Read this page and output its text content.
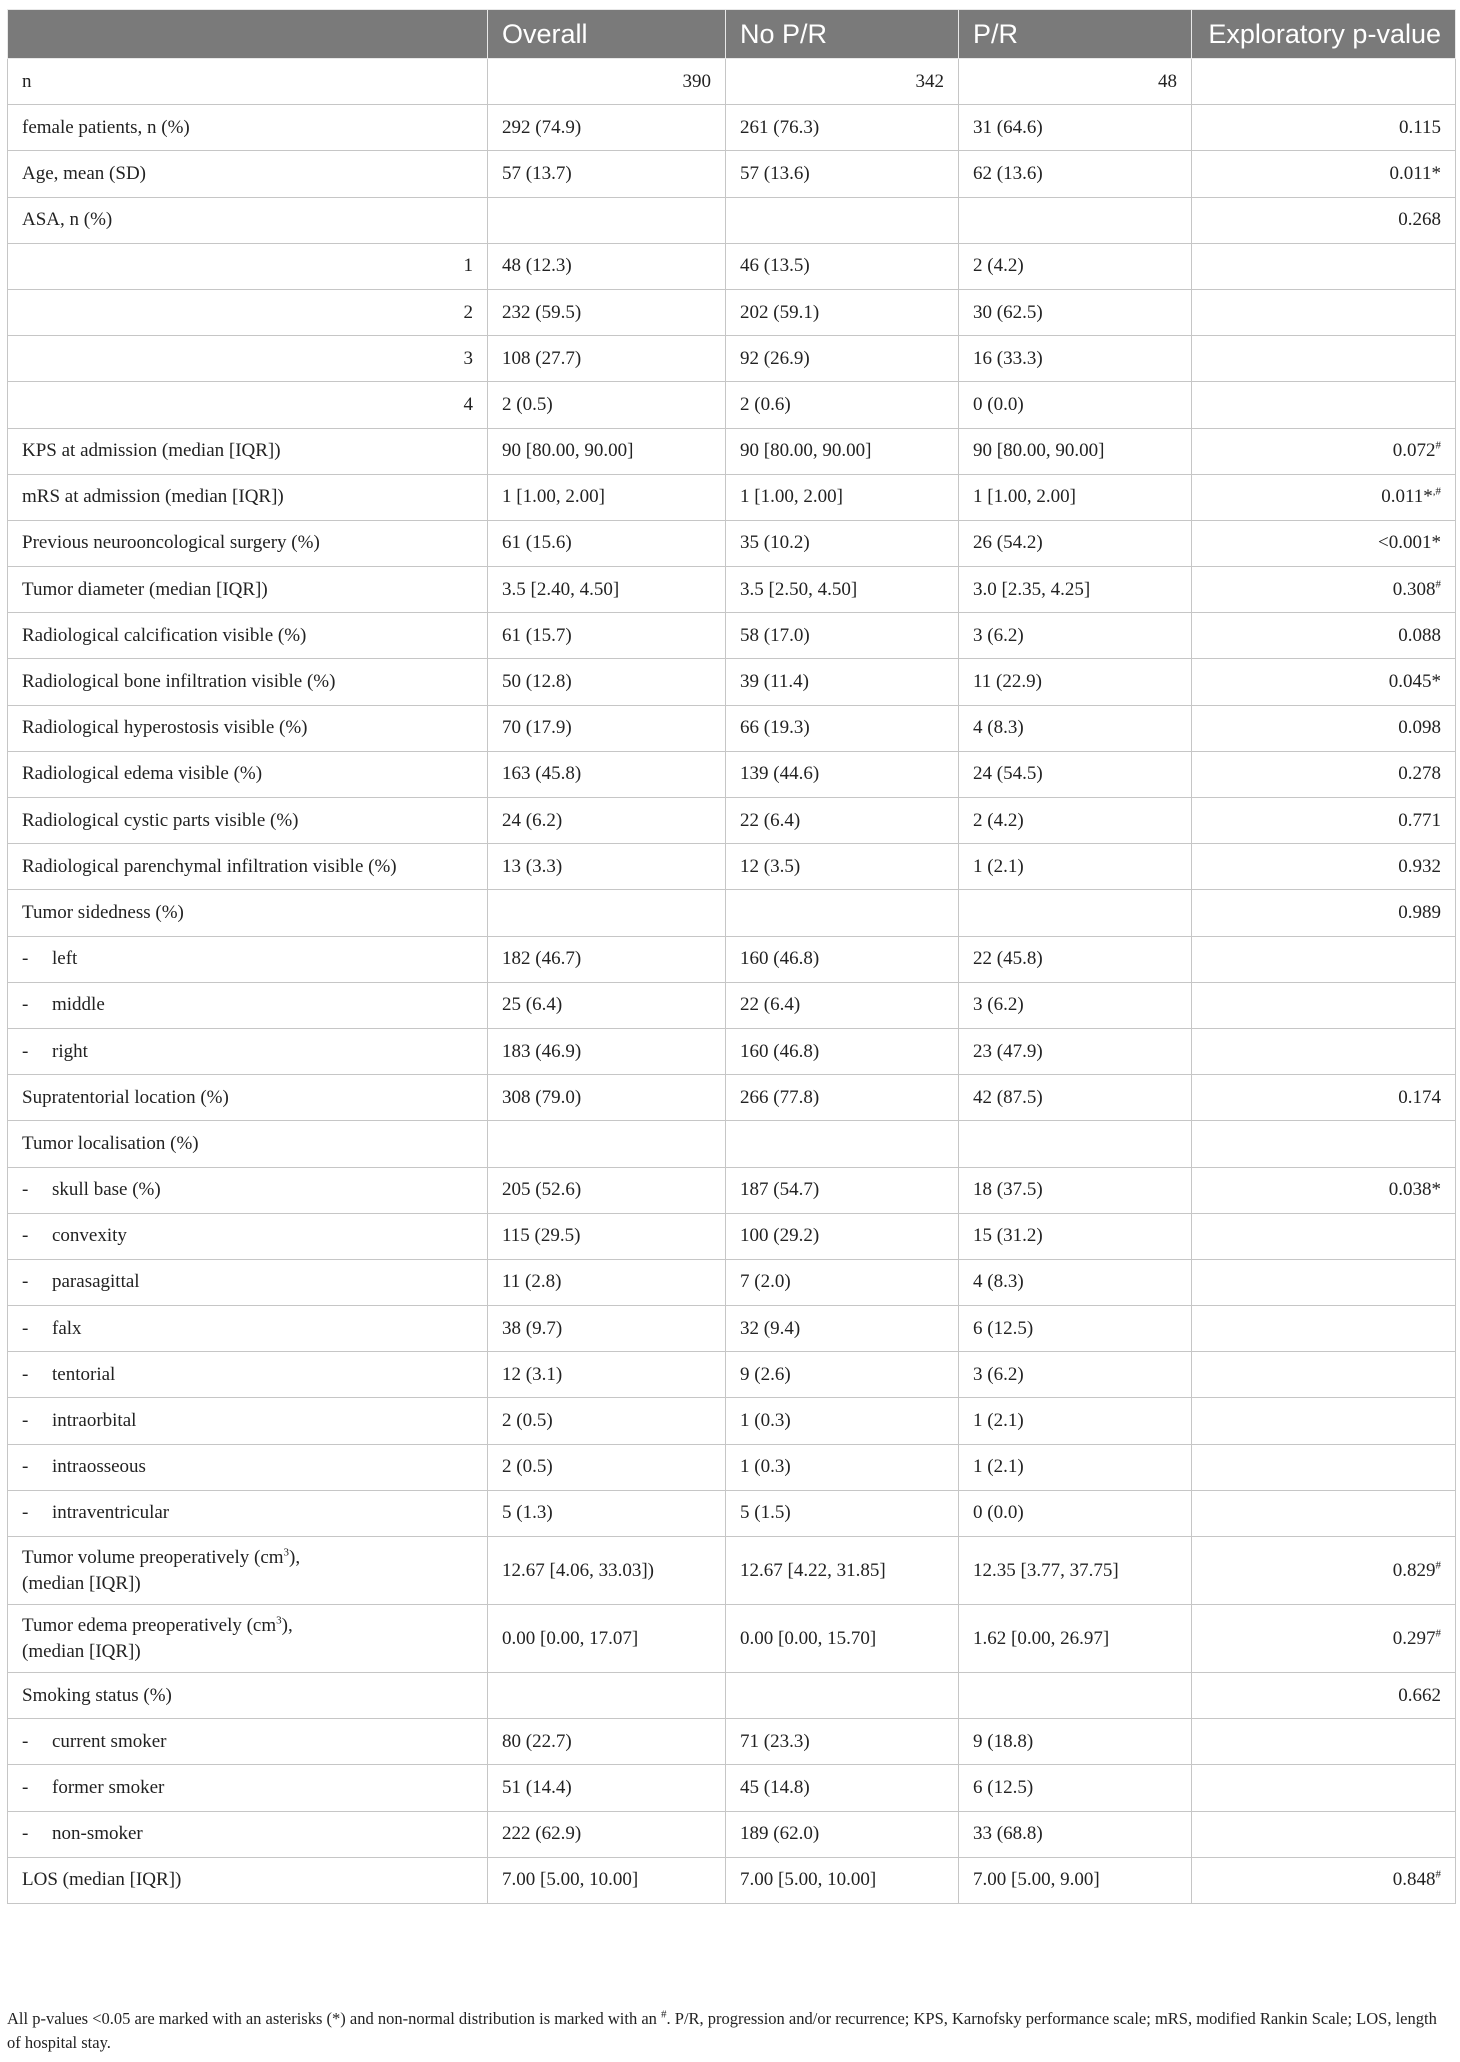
	Overall	No P/R	P/R	Exploratory p-value
n	390	342	48	
female patients, n (%)	292 (74.9)	261 (76.3)	31 (64.6)	0.115
Age, mean (SD)	57 (13.7)	57 (13.6)	62 (13.6)	0.011*
ASA, n (%)				0.268
1	48 (12.3)	46 (13.5)	2 (4.2)	
2	232 (59.5)	202 (59.1)	30 (62.5)	
3	108 (27.7)	92 (26.9)	16 (33.3)	
4	2 (0.5)	2 (0.6)	0 (0.0)	
KPS at admission (median [IQR])	90 [80.00, 90.00]	90 [80.00, 90.00]	90 [80.00, 90.00]	0.072#
mRS at admission (median [IQR])	1 [1.00, 2.00]	1 [1.00, 2.00]	1 [1.00, 2.00]	0.011*,#
Previous neurooncological surgery (%)	61 (15.6)	35 (10.2)	26 (54.2)	<0.001*
Tumor diameter (median [IQR])	3.5 [2.40, 4.50]	3.5 [2.50, 4.50]	3.0 [2.35, 4.25]	0.308#
Radiological calcification visible (%)	61 (15.7)	58 (17.0)	3 (6.2)	0.088
Radiological bone infiltration visible (%)	50 (12.8)	39 (11.4)	11 (22.9)	0.045*
Radiological hyperostosis visible (%)	70 (17.9)	66 (19.3)	4 (8.3)	0.098
Radiological edema visible (%)	163 (45.8)	139 (44.6)	24 (54.5)	0.278
Radiological cystic parts visible (%)	24 (6.2)	22 (6.4)	2 (4.2)	0.771
Radiological parenchymal infiltration visible (%)	13 (3.3)	12 (3.5)	1 (2.1)	0.932
Tumor sidedness (%)				0.989
- left	182 (46.7)	160 (46.8)	22 (45.8)	
- middle	25 (6.4)	22 (6.4)	3 (6.2)	
- right	183 (46.9)	160 (46.8)	23 (47.9)	
Supratentorial location (%)	308 (79.0)	266 (77.8)	42 (87.5)	0.174
Tumor localisation (%)				
- skull base (%)	205 (52.6)	187 (54.7)	18 (37.5)	0.038*
- convexity	115 (29.5)	100 (29.2)	15 (31.2)	
- parasagittal	11 (2.8)	7 (2.0)	4 (8.3)	
- falx	38 (9.7)	32 (9.4)	6 (12.5)	
- tentorial	12 (3.1)	9 (2.6)	3 (6.2)	
- intraorbital	2 (0.5)	1 (0.3)	1 (2.1)	
- intraosseous	2 (0.5)	1 (0.3)	1 (2.1)	
- intraventricular	5 (1.3)	5 (1.5)	0 (0.0)	
Tumor volume preoperatively $(cm^3)$,
(median [IQR])	12.67 [4.06, 33.03])	12.67 [4.22, 31.85]	12.35 [3.77, 37.75]	0.829#
Tumor edema preoperatively $(cm^3)$,
(median [IQR])	0.00 [0.00, 17.07]	0.00 [0.00, 15.70]	1.62 [0.00, 26.97]	0.297#
Smoking status (%)				0.662
- current smoker	80 (22.7)	71 (23.3)	9 (18.8)	
- former smoker	51 (14.4)	45 (14.8)	6 (12.5)	
- non-smoker	222 (62.9)	189 (62.0)	33 (68.8)	
LOS (median [IQR])	7.00 [5.00, 10.00]	7.00 [5.00, 10.00]	7.00 [5.00, 9.00]	0.848#
All p-values <0.05 are marked with an asterisks (*) and non-normal distribution is marked with an #. P/R, progression and/or recurrence; KPS, Karnofsky performance scale; mRS, modified Rankin Scale; LOS, length of hospital stay.
